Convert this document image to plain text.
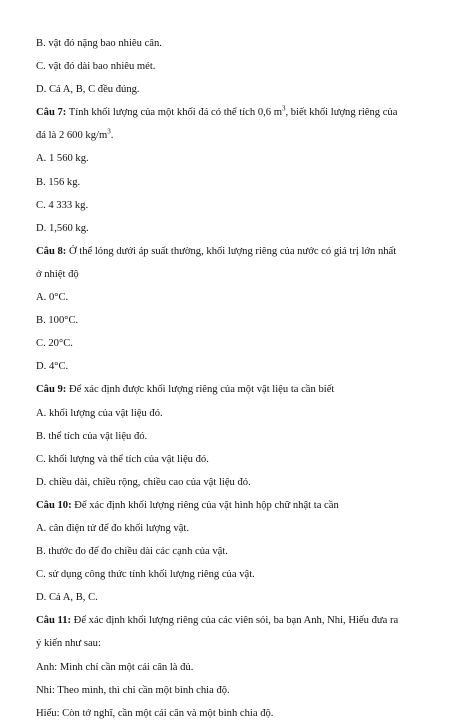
B. vật đó nặng bao nhiêu cân.
C. vật đó dài bao nhiêu mét.
D. Cả A, B, C đều đúng.
Câu 7: Tính khối lượng của một khối đá có thể tích 0,6 $m^3$, biết khối lượng riêng của
đá là 2 600 $kg/m^3$.
A. 1 560 kg.
B. 156 kg.
C. 4 333 kg.
D. 1,560 kg.
Câu 8: Ở thể lỏng dưới áp suất thường, khối lượng riêng của nước có giá trị lớn nhất
ở nhiệt độ
A. 0°C.
B. 100°C.
C. 20°C.
D. 4°C.
Câu 9: Để xác định được khối lượng riêng của một vật liệu ta cần biết
A. khối lượng của vật liệu đó.
B. thể tích của vật liệu đó.
C. khối lượng và thể tích của vật liệu đó.
D. chiều dài, chiều rộng, chiều cao của vật liệu đó.
Câu 10: Để xác định khối lượng riêng của vật hình hộp chữ nhật ta cần
A. cân điện tử để đo khối lượng vật.
B. thước đo để đo chiều dài các cạnh của vật.
C. sử dụng công thức tính khối lượng riêng của vật.
D. Cả A, B, C.
Câu 11: Để xác định khối lượng riêng của các viên sỏi, ba bạn Anh, Nhi, Hiếu đưa ra
ý kiến như sau:
Anh: Mình chỉ cần một cái cân là đủ.
Nhi: Theo mình, thì chỉ cần một bình chia độ.
Hiếu: Còn tớ nghĩ, cần một cái cân và một bình chia độ.
